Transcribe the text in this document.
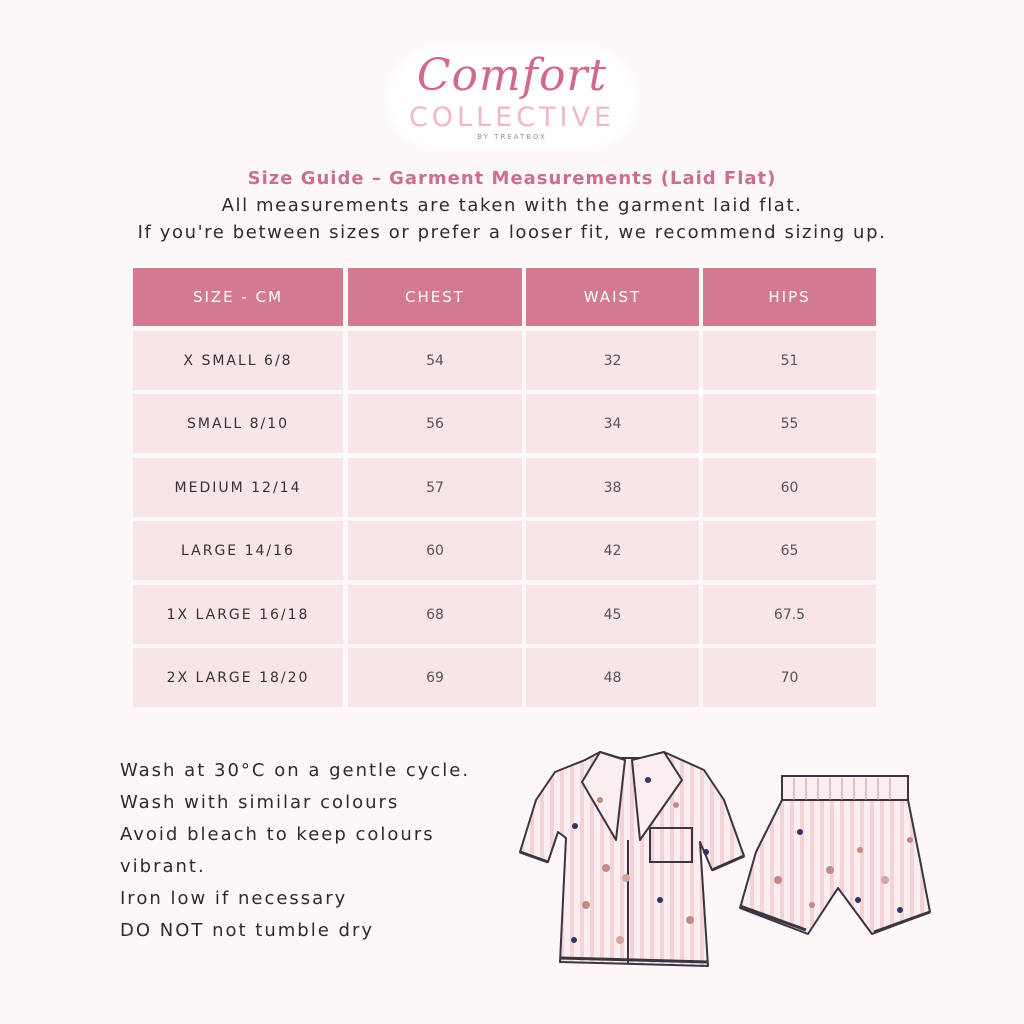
Comfort
COLLECTIVE
BY TREATBOX
Size Guide – Garment Measurements (Laid Flat)
All measurements are taken with the garment laid flat.
If you're between sizes or prefer a looser fit, we recommend sizing up.
SIZE - CM	CHEST	WAIST	HIPS
X SMALL 6/8	54	32	51
SMALL 8/10	56	34	55
MEDIUM 12/14	57	38	60
LARGE 14/16	60	42	65
1X LARGE 16/18	68	45	67.5
2X LARGE 18/20	69	48	70
Wash at 30°C on a gentle cycle.
Wash with similar colours
Avoid bleach to keep colours
vibrant.
Iron low if necessary
DO NOT not tumble dry
